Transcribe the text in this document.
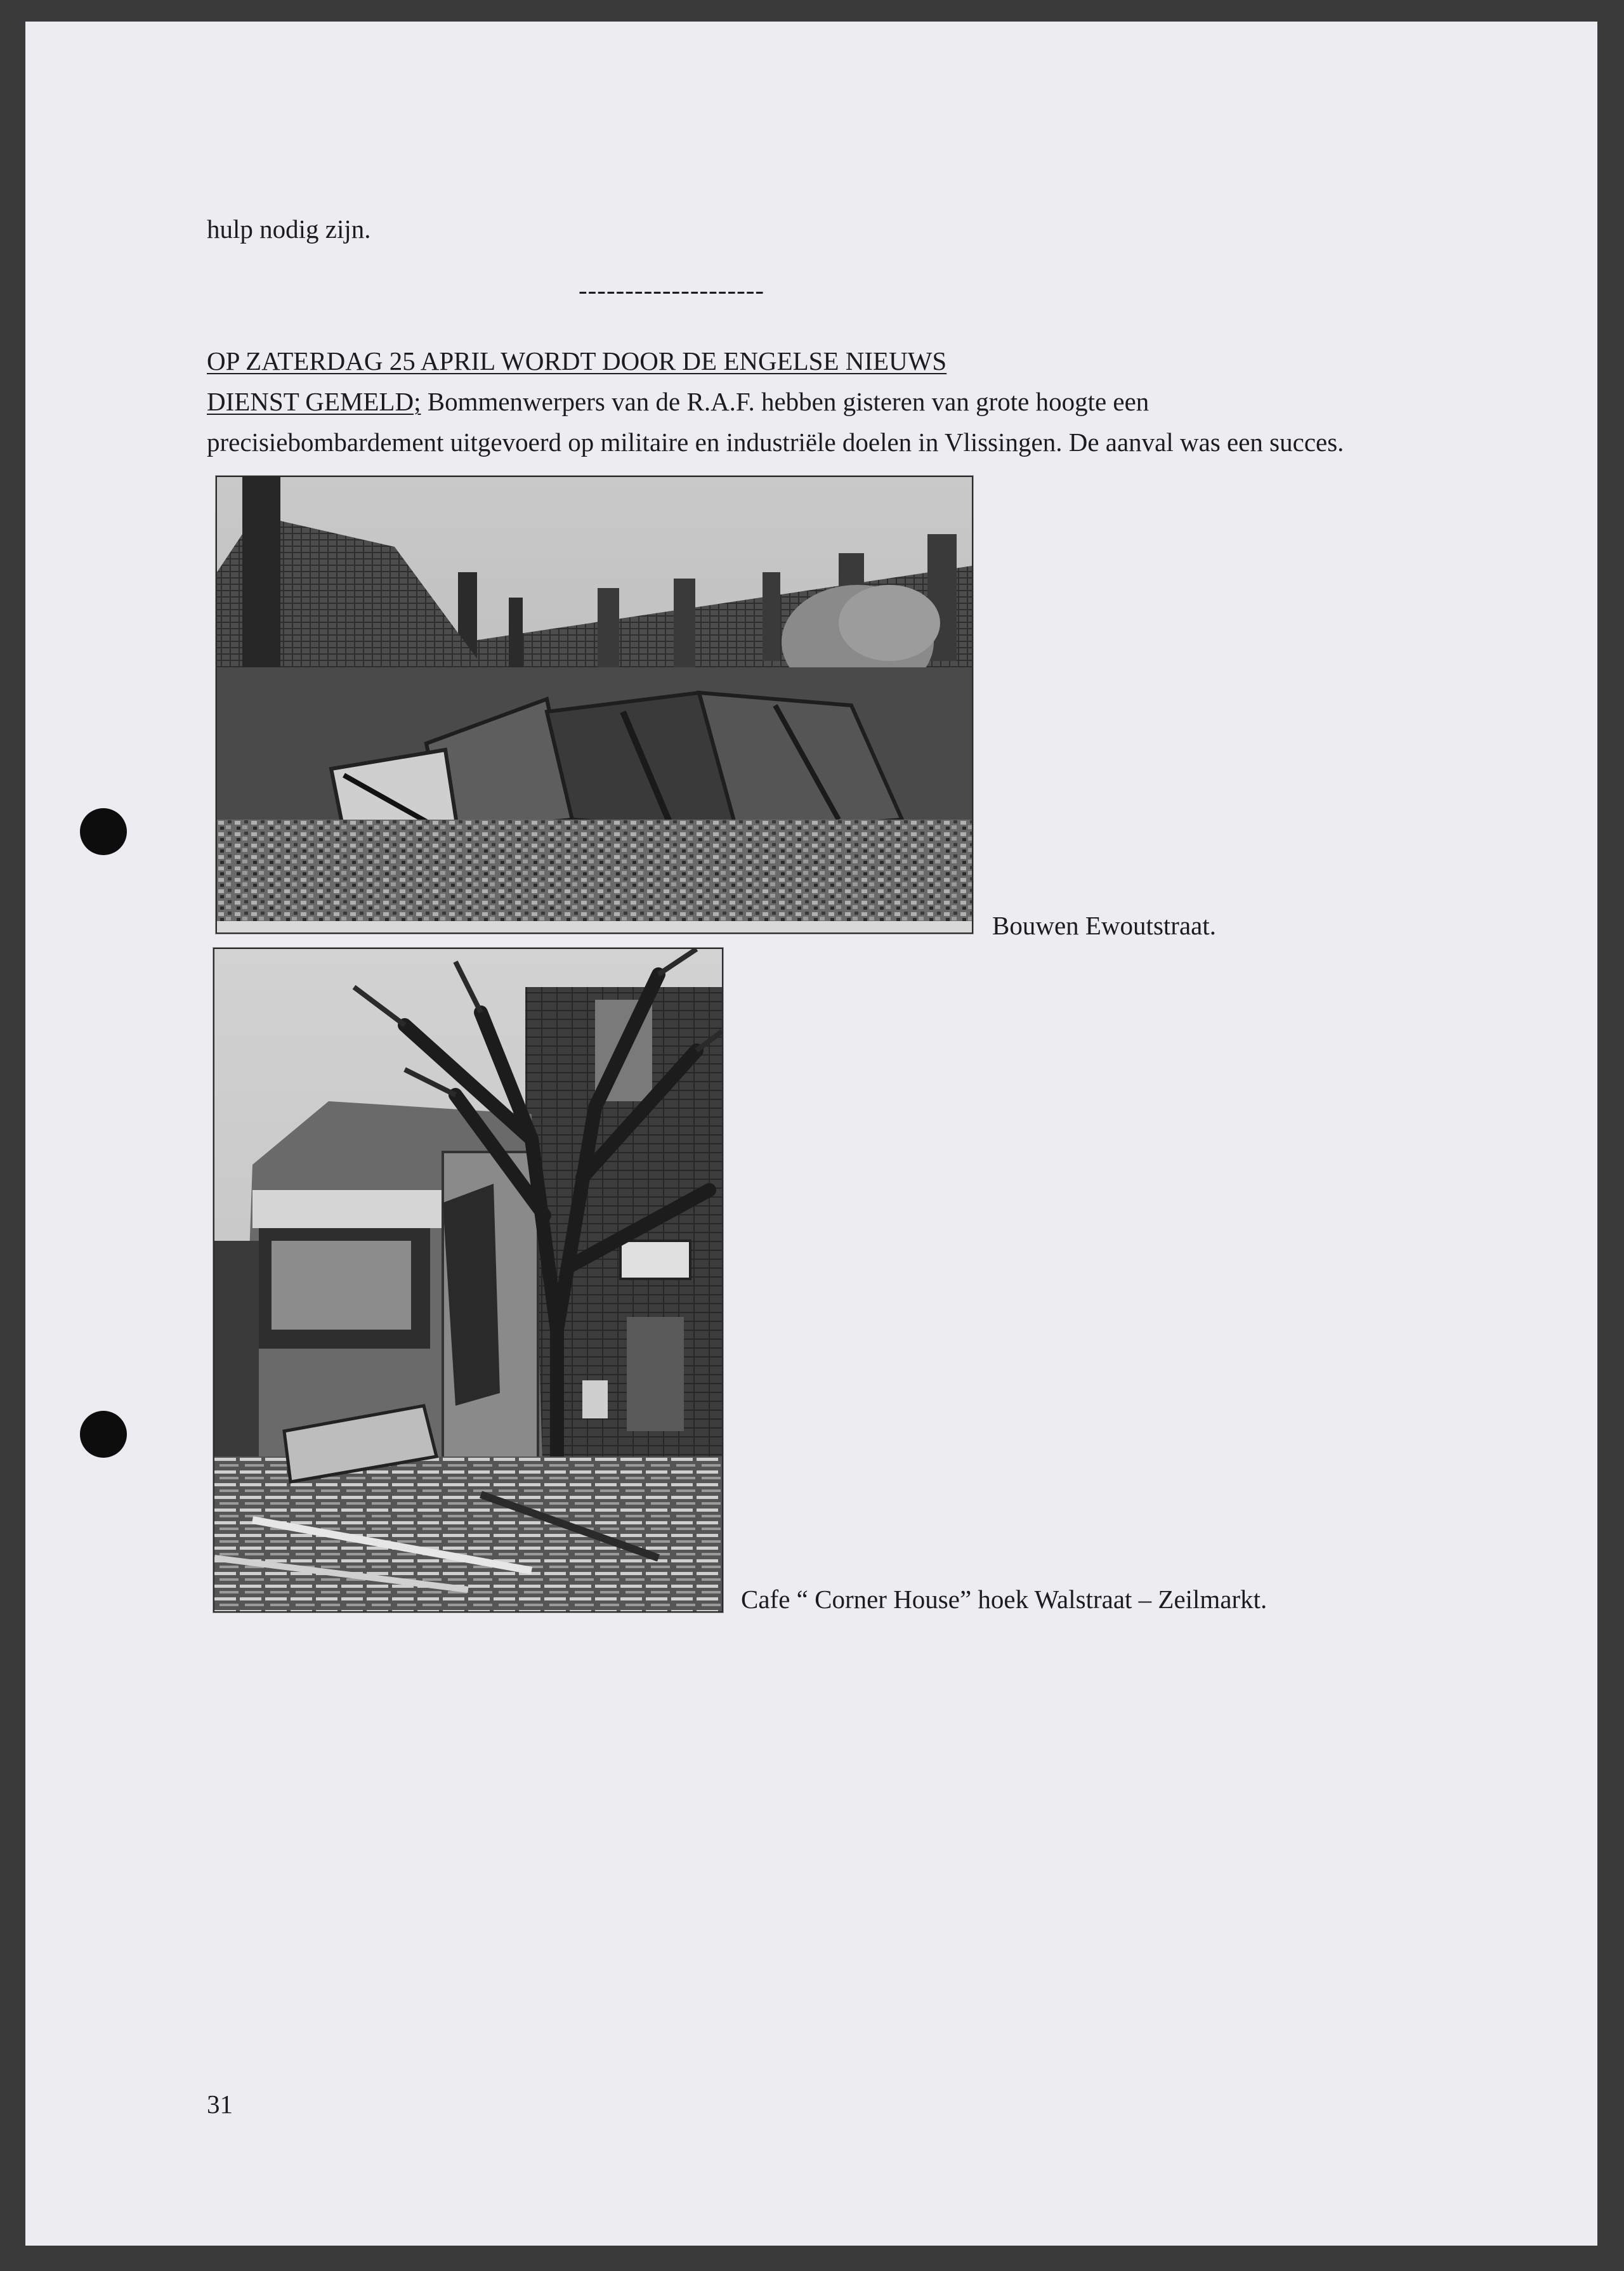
hulp nodig zijn.
--------------------
OP ZATERDAG 25 APRIL WORDT DOOR DE ENGELSE NIEUWS
DIENST GEMELD; Bommenwerpers van de R.A.F. hebben gisteren van grote hoogte een
precisiebombardement uitgevoerd op militaire en industriële doelen in Vlissingen. De aanval was een succes.
Bouwen Ewoutstraat.
Cafe “ Corner House” hoek Walstraat – Zeilmarkt.
31
